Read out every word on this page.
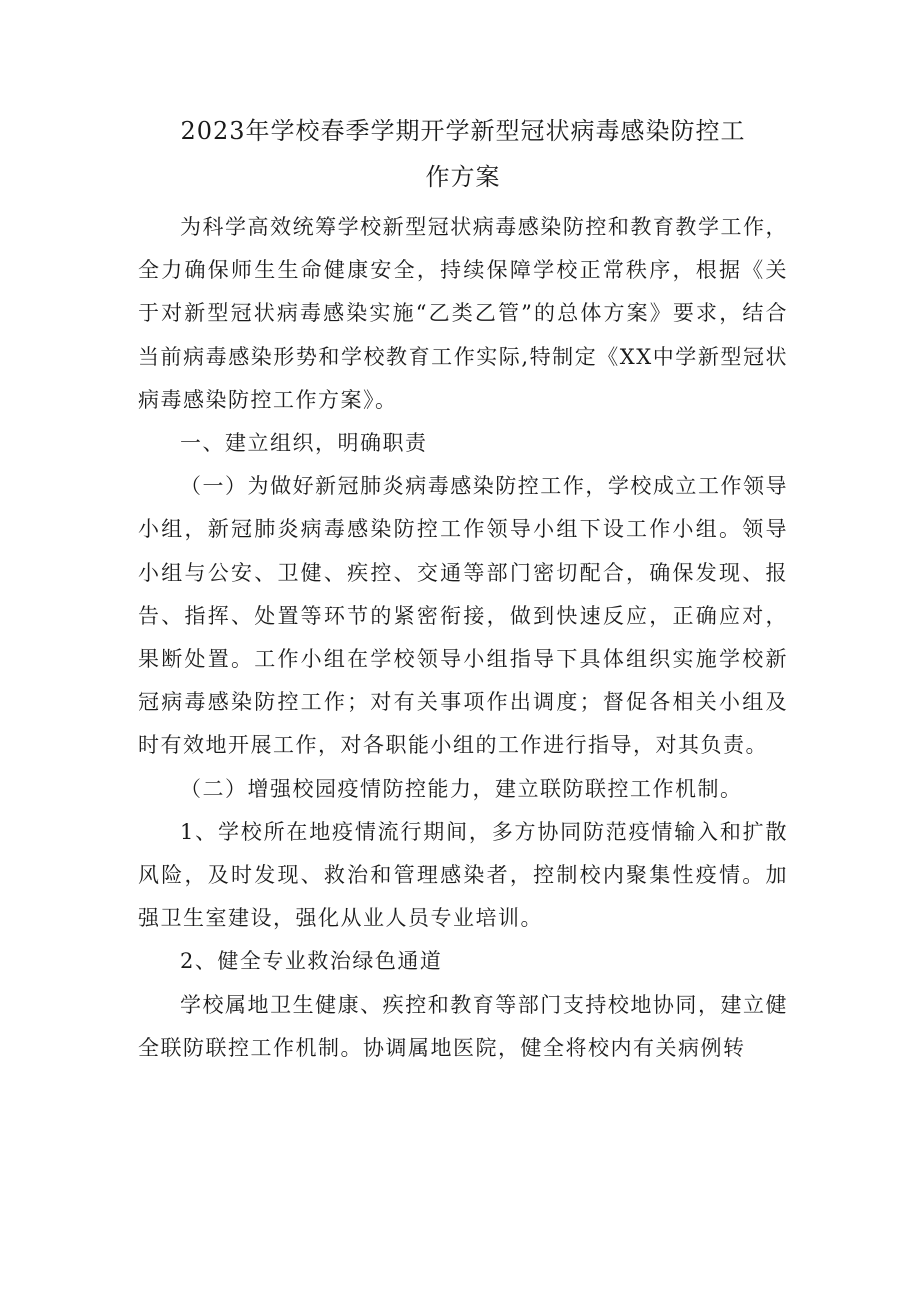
2023年学校春季学期开学新型冠状病毒感染防控工
作方案

为科学高效统筹学校新型冠状病毒感染防控和教育教学工作，全力确保师生生命健康安全，持续保障学校正常秩序，根据《关于对新型冠状病毒感染实施“乙类乙管”的总体方案》要求，结合当前病毒感染形势和学校教育工作实际,特制定《XX中学新型冠状病毒感染防控工作方案》。

一、建立组织，明确职责

（一）为做好新冠肺炎病毒感染防控工作，学校成立工作领导小组，新冠肺炎病毒感染防控工作领导小组下设工作小组。领导小组与公安、卫健、疾控、交通等部门密切配合，确保发现、报告、指挥、处置等环节的紧密衔接，做到快速反应，正确应对，果断处置。工作小组在学校领导小组指导下具体组织实施学校新冠病毒感染防控工作；对有关事项作出调度；督促各相关小组及时有效地开展工作，对各职能小组的工作进行指导，对其负责。

（二）增强校园疫情防控能力，建立联防联控工作机制。

1、学校所在地疫情流行期间，多方协同防范疫情输入和扩散风险，及时发现、救治和管理感染者，控制校内聚集性疫情。加强卫生室建设，强化从业人员专业培训。

2、健全专业救治绿色通道

学校属地卫生健康、疾控和教育等部门支持校地协同，建立健全联防联控工作机制。协调属地医院，健全将校内有关病例转
